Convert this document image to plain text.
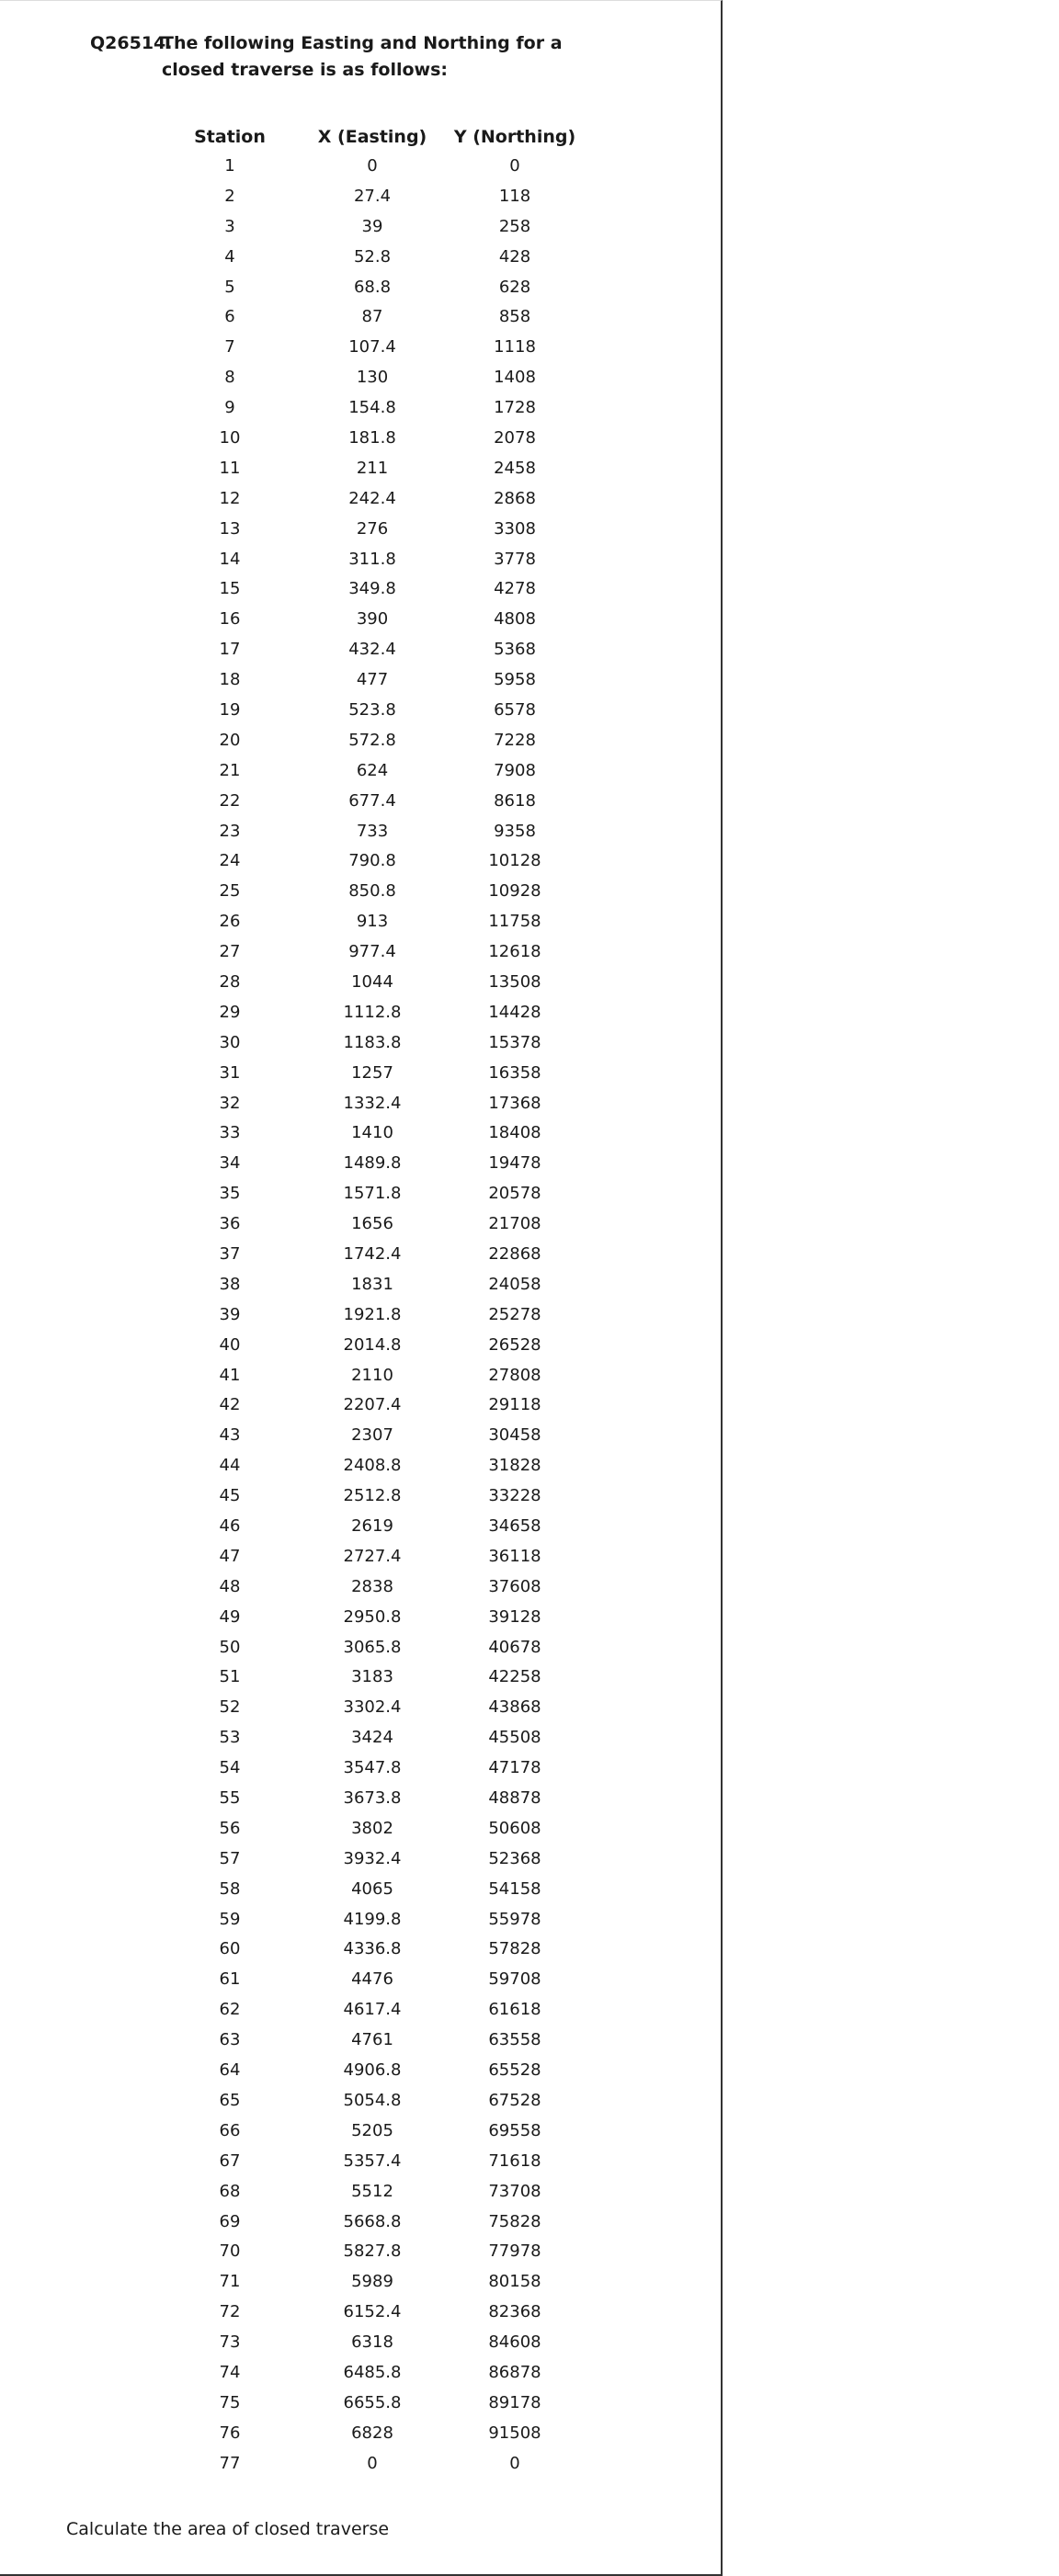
Q26514.
The following Easting and Northing for a closed traverse is as follows:
Station	X (Easting)	Y (Northing)
1	0	0
2	27.4	118
3	39	258
4	52.8	428
5	68.8	628
6	87	858
7	107.4	1118
8	130	1408
9	154.8	1728
10	181.8	2078
11	211	2458
12	242.4	2868
13	276	3308
14	311.8	3778
15	349.8	4278
16	390	4808
17	432.4	5368
18	477	5958
19	523.8	6578
20	572.8	7228
21	624	7908
22	677.4	8618
23	733	9358
24	790.8	10128
25	850.8	10928
26	913	11758
27	977.4	12618
28	1044	13508
29	1112.8	14428
30	1183.8	15378
31	1257	16358
32	1332.4	17368
33	1410	18408
34	1489.8	19478
35	1571.8	20578
36	1656	21708
37	1742.4	22868
38	1831	24058
39	1921.8	25278
40	2014.8	26528
41	2110	27808
42	2207.4	29118
43	2307	30458
44	2408.8	31828
45	2512.8	33228
46	2619	34658
47	2727.4	36118
48	2838	37608
49	2950.8	39128
50	3065.8	40678
51	3183	42258
52	3302.4	43868
53	3424	45508
54	3547.8	47178
55	3673.8	48878
56	3802	50608
57	3932.4	52368
58	4065	54158
59	4199.8	55978
60	4336.8	57828
61	4476	59708
62	4617.4	61618
63	4761	63558
64	4906.8	65528
65	5054.8	67528
66	5205	69558
67	5357.4	71618
68	5512	73708
69	5668.8	75828
70	5827.8	77978
71	5989	80158
72	6152.4	82368
73	6318	84608
74	6485.8	86878
75	6655.8	89178
76	6828	91508
77	0	0
Calculate the area of closed traverse
